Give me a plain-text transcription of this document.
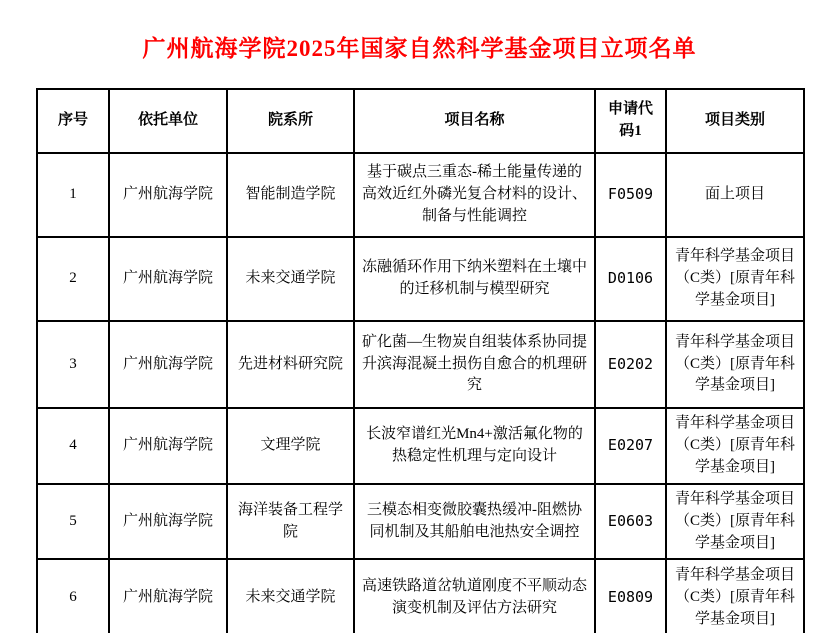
广州航海学院2025年国家自然科学基金项目立项名单
序号	依托单位	院系所	项目名称	申请代码1	项目类别
1	广州航海学院	智能制造学院	基于碳点三重态-稀土能量传递的高效近红外磷光复合材料的设计、制备与性能调控	F0509	面上项目
2	广州航海学院	未来交通学院	冻融循环作用下纳米塑料在土壤中的迁移机制与模型研究	D0106	青年科学基金项目（C类）[原青年科学基金项目]
3	广州航海学院	先进材料研究院	矿化菌—生物炭自组装体系协同提升滨海混凝土损伤自愈合的机理研究	E0202	青年科学基金项目（C类）[原青年科学基金项目]
4	广州航海学院	文理学院	长波窄谱红光Mn4+激活氟化物的热稳定性机理与定向设计	E0207	青年科学基金项目（C类）[原青年科学基金项目]
5	广州航海学院	海洋装备工程学院	三模态相变微胶囊热缓冲-阻燃协同机制及其船舶电池热安全调控	E0603	青年科学基金项目（C类）[原青年科学基金项目]
6	广州航海学院	未来交通学院	高速铁路道岔轨道刚度不平顺动态演变机制及评估方法研究	E0809	青年科学基金项目（C类）[原青年科学基金项目]
